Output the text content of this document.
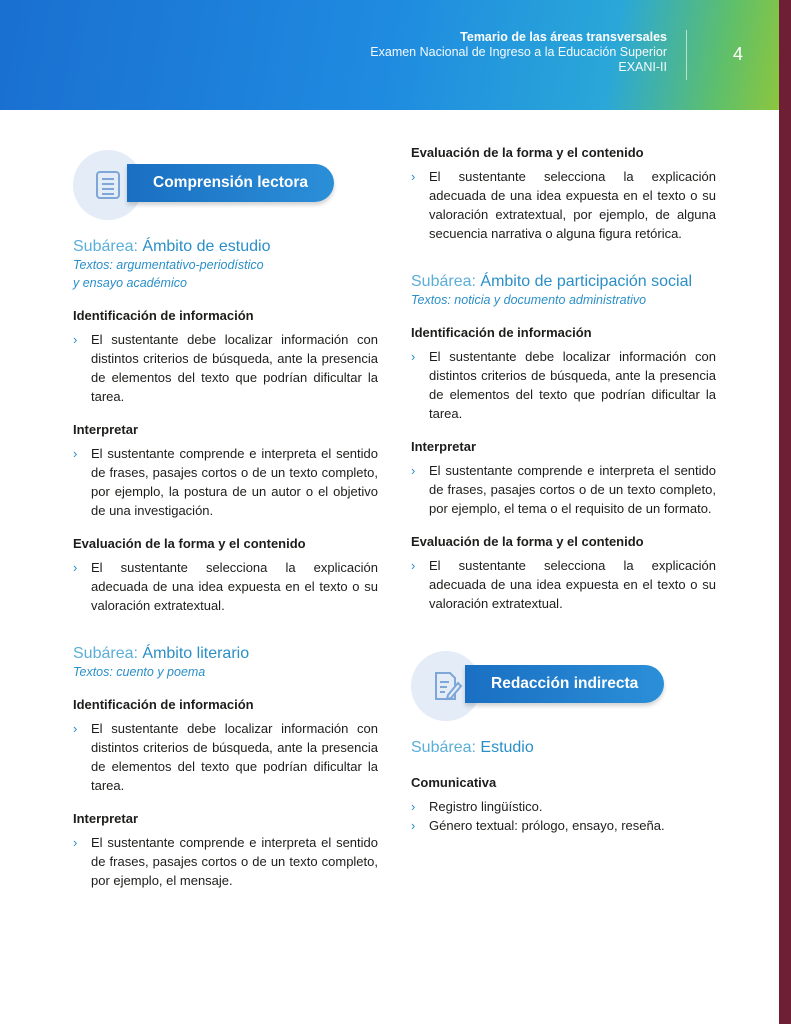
Temario de las áreas transversales
Examen Nacional de Ingreso a la Educación Superior
EXANI-II
4
Comprensión lectora
Subárea: Ámbito de estudio
Textos: argumentativo-periodístico
y ensayo académico
Identificación de información
› El sustentante debe localizar información con distintos criterios de búsqueda, ante la presencia de elementos del texto que podrían dificultar la tarea.
Interpretar
› El sustentante comprende e interpreta el sentido de frases, pasajes cortos o de un texto completo, por ejemplo, la postura de un autor o el objetivo de una investigación.
Evaluación de la forma y el contenido
› El sustentante selecciona la explicación adecuada de una idea expuesta en el texto o su valoración extratextual.
Subárea: Ámbito literario
Textos: cuento y poema
Identificación de información
› El sustentante debe localizar información con distintos criterios de búsqueda, ante la presencia de elementos del texto que podrían dificultar la tarea.
Interpretar
› El sustentante comprende e interpreta el sentido de frases, pasajes cortos o de un texto completo, por ejemplo, el mensaje.
Evaluación de la forma y el contenido
› El sustentante selecciona la explicación adecuada de una idea expuesta en el texto o su valoración extratextual, por ejemplo, de alguna secuencia narrativa o alguna figura retórica.
Subárea: Ámbito de participación social
Textos: noticia y documento administrativo
Identificación de información
› El sustentante debe localizar información con distintos criterios de búsqueda, ante la presencia de elementos del texto que podrían dificultar la tarea.
Interpretar
› El sustentante comprende e interpreta el sentido de frases, pasajes cortos o de un texto completo, por ejemplo, el tema o el requisito de un formato.
Evaluación de la forma y el contenido
› El sustentante selecciona la explicación adecuada de una idea expuesta en el texto o su valoración extratextual.
Redacción indirecta
Subárea: Estudio
Comunicativa
› Registro lingüístico.
› Género textual: prólogo, ensayo, reseña.
